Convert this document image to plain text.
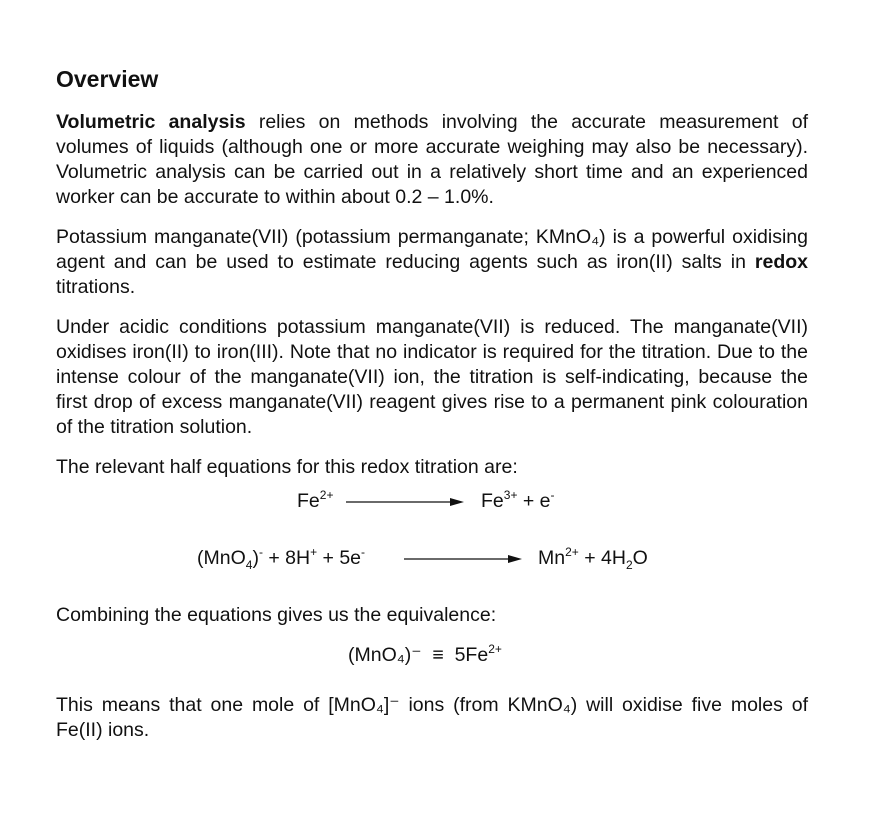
Overview

Volumetric analysis relies on methods involving the accurate measurement of volumes of liquids (although one or more accurate weighing may also be necessary). Volumetric analysis can be carried out in a relatively short time and an experienced worker can be accurate to within about 0.2 – 1.0%.

Potassium manganate(VII) (potassium permanganate; KMnO₄) is a powerful oxidising agent and can be used to estimate reducing agents such as iron(II) salts in redox titrations.

Under acidic conditions potassium manganate(VII) is reduced. The manganate(VII) oxidises iron(II) to iron(III). Note that no indicator is required for the titration. Due to the intense colour of the manganate(VII) ion, the titration is self-indicating, because the first drop of excess manganate(VII) reagent gives rise to a permanent pink colouration of the titration solution.

The relevant half equations for this redox titration are:

$Fe^{2+}$	$Fe^{3+} + e^-$
(MnO$_4$)- + 8H+ + 5e-	$Mn^{2+} + 4H_2O$

Combining the equations gives us the equivalence:

$(MnO_4)^- \equiv 5Fe^{2+}$

This means that one mole of [MnO₄]⁻ ions (from KMnO₄) will oxidise five moles of Fe(II) ions.
